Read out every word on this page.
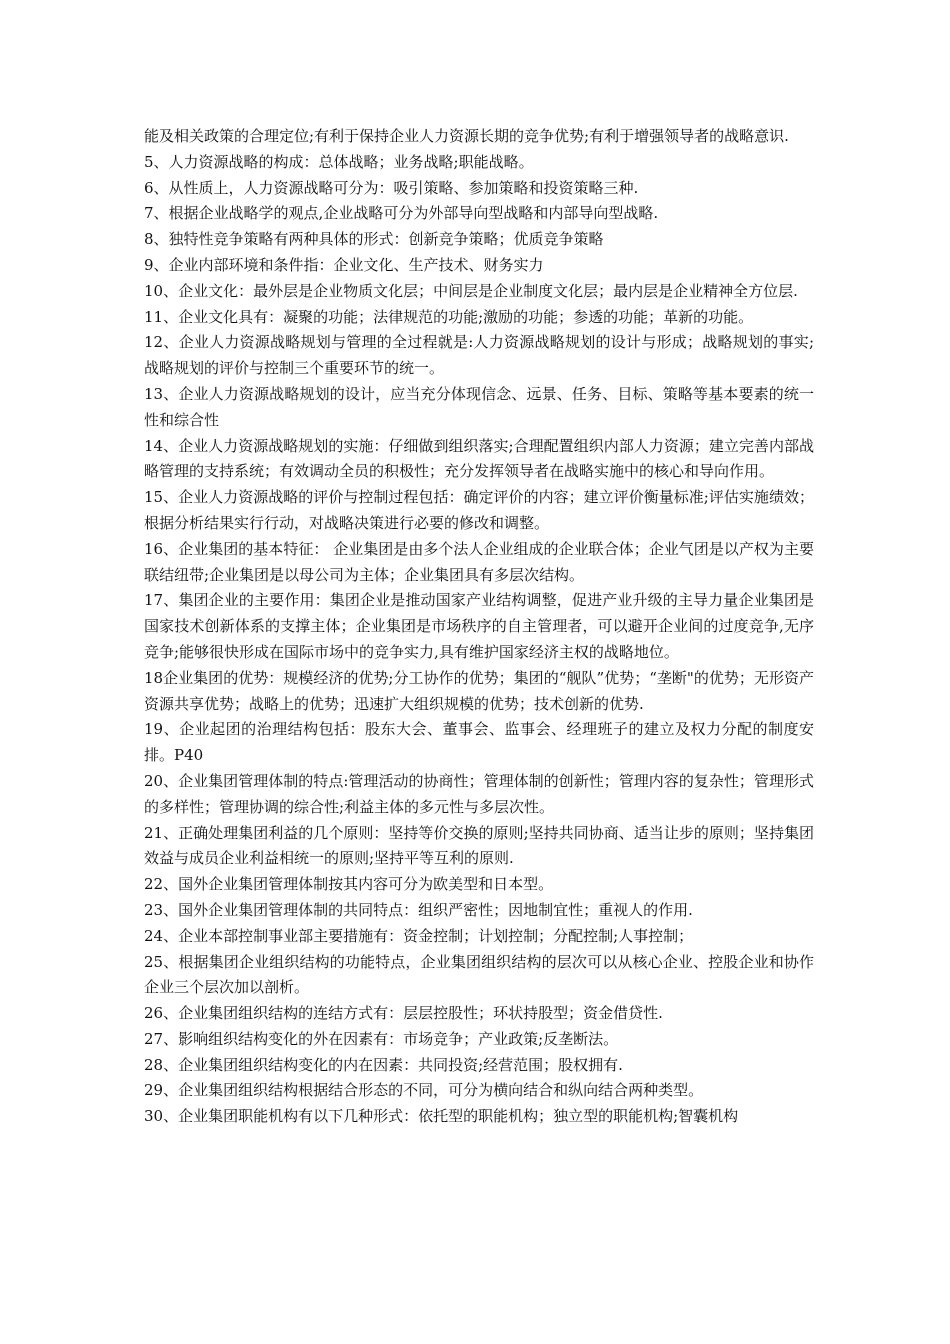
能及相关政策的合理定位;有利于保持企业人力资源长期的竞争优势;有利于增强领导者的战略意识.

5、人力资源战略的构成：总体战略；业务战略;职能战略。

6、从性质上，人力资源战略可分为：吸引策略、参加策略和投资策略三种.

7、根据企业战略学的观点,企业战略可分为外部导向型战略和内部导向型战略.

8、独特性竞争策略有两种具体的形式：创新竞争策略；优质竞争策略

9、企业内部环境和条件指：企业文化、生产技术、财务实力

10、企业文化：最外层是企业物质文化层；中间层是企业制度文化层；最内层是企业精神全方位层.

11、企业文化具有：凝聚的功能；法律规范的功能;激励的功能；参透的功能；革新的功能。

12、企业人力资源战略规划与管理的全过程就是:人力资源战略规划的设计与形成；战略规划的事实;战略规划的评价与控制三个重要环节的统一。

13、企业人力资源战略规划的设计，应当充分体现信念、远景、任务、目标、策略等基本要素的统一性和综合性

14、企业人力资源战略规划的实施：仔细做到组织落实;合理配置组织内部人力资源；建立完善内部战略管理的支持系统；有效调动全员的积极性；充分发挥领导者在战略实施中的核心和导向作用。

15、企业人力资源战略的评价与控制过程包括：确定评价的内容；建立评价衡量标准;评估实施绩效；根据分析结果实行行动，对战略决策进行必要的修改和调整。

16、企业集团的基本特征： 企业集团是由多个法人企业组成的企业联合体；企业气团是以产权为主要联结纽带;企业集团是以母公司为主体；企业集团具有多层次结构。

17、集团企业的主要作用：集团企业是推动国家产业结构调整，促进产业升级的主导力量企业集团是国家技术创新体系的支撑主体；企业集团是市场秩序的自主管理者，可以避开企业间的过度竞争,无序竞争;能够很快形成在国际市场中的竞争实力,具有维护国家经济主权的战略地位。

18企业集团的优势：规模经济的优势;分工协作的优势；集团的“舰队”优势；“垄断"的优势；无形资产资源共享优势；战略上的优势；迅速扩大组织规模的优势；技术创新的优势.

19、企业起团的治理结构包括：股东大会、董事会、监事会、经理班子的建立及权力分配的制度安排。P40

20、企业集团管理体制的特点:管理活动的协商性；管理体制的创新性；管理内容的复杂性；管理形式的多样性；管理协调的综合性;利益主体的多元性与多层次性。

21、正确处理集团利益的几个原则：坚持等价交换的原则;坚持共同协商、适当让步的原则；坚持集团效益与成员企业利益相统一的原则;坚持平等互利的原则.

22、国外企业集团管理体制按其内容可分为欧美型和日本型。

23、国外企业集团管理体制的共同特点：组织严密性；因地制宜性；重视人的作用.

24、企业本部控制事业部主要措施有：资金控制；计划控制；分配控制;人事控制；

25、根据集团企业组织结构的功能特点，企业集团组织结构的层次可以从核心企业、控股企业和协作企业三个层次加以剖析。

26、企业集团组织结构的连结方式有：层层控股性；环状持股型；资金借贷性.

27、影响组织结构变化的外在因素有：市场竞争；产业政策;反垄断法。

28、企业集团组织结构变化的内在因素：共同投资;经营范围；股权拥有.

29、企业集团组织结构根据结合形态的不同，可分为横向结合和纵向结合两种类型。

30、企业集团职能机构有以下几种形式：依托型的职能机构；独立型的职能机构;智囊机构
